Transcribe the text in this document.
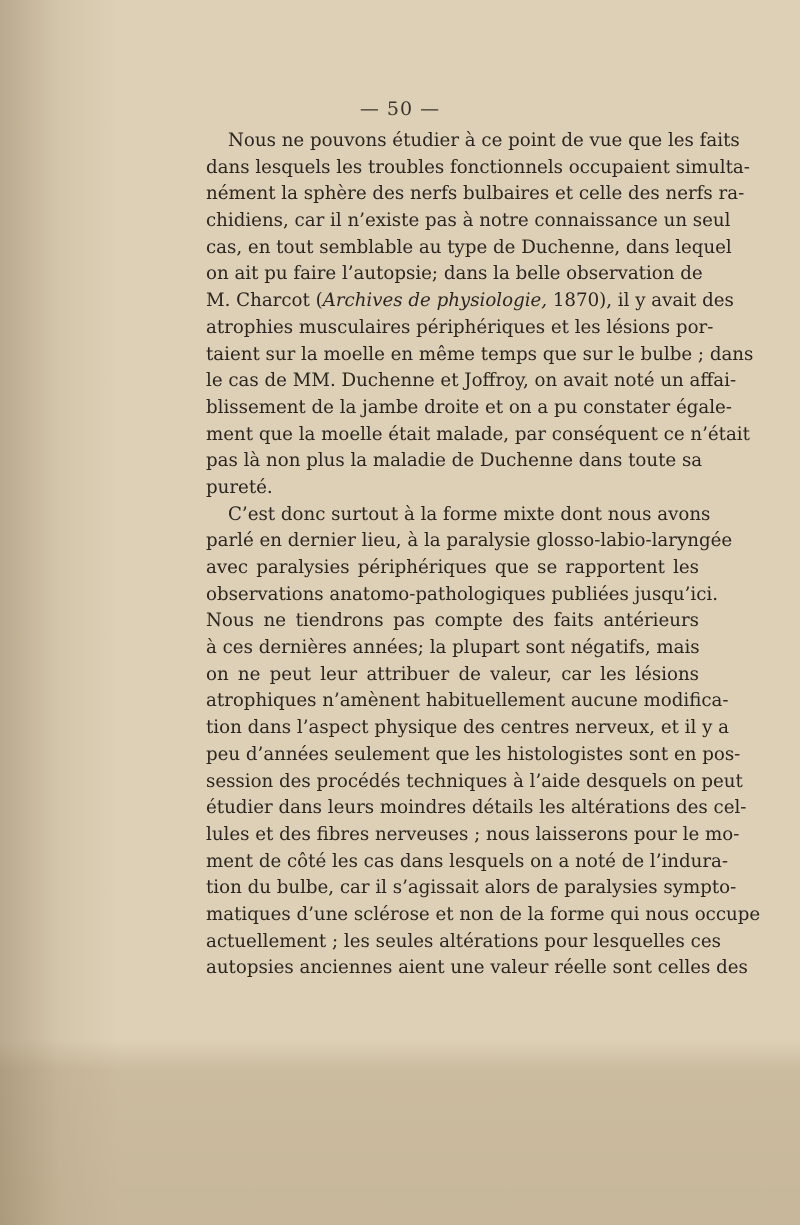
— 50 —
Nous ne pouvons étudier à ce point de vue que les faits
dans lesquels les troubles fonctionnels occupaient simulta-
nément la sphère des nerfs bulbaires et celle des nerfs ra-
chidiens, car il n’existe pas à notre connaissance un seul
cas, en tout semblable au type de Duchenne, dans lequel
on ait pu faire l’autopsie; dans la belle observation de
M. Charcot (Archives de physiologie, 1870), il y avait des
atrophies musculaires périphériques et les lésions por-
taient sur la moelle en même temps que sur le bulbe ; dans
le cas de MM. Duchenne et Joffroy, on avait noté un affai-
blissement de la jambe droite et on a pu constater égale-
ment que la moelle était malade, par conséquent ce n’était
pas là non plus la maladie de Duchenne dans toute sa
pureté.
C’est donc surtout à la forme mixte dont nous avons
parlé en dernier lieu, à la paralysie glosso-labio-laryngée
avec paralysies périphériques que se rapportent les
observations anatomo-pathologiques publiées jusqu’ici.
Nous ne tiendrons pas compte des faits antérieurs
à ces dernières années; la plupart sont négatifs, mais
on ne peut leur attribuer de valeur, car les lésions
atrophiques n’amènent habituellement aucune modifica-
tion dans l’aspect physique des centres nerveux, et il y a
peu d’années seulement que les histologistes sont en pos-
session des procédés techniques à l’aide desquels on peut
étudier dans leurs moindres détails les altérations des cel-
lules et des fibres nerveuses ; nous laisserons pour le mo-
ment de côté les cas dans lesquels on a noté de l’indura-
tion du bulbe, car il s’agissait alors de paralysies sympto-
matiques d’une sclérose et non de la forme qui nous occupe
actuellement ; les seules altérations pour lesquelles ces
autopsies anciennes aient une valeur réelle sont celles des
